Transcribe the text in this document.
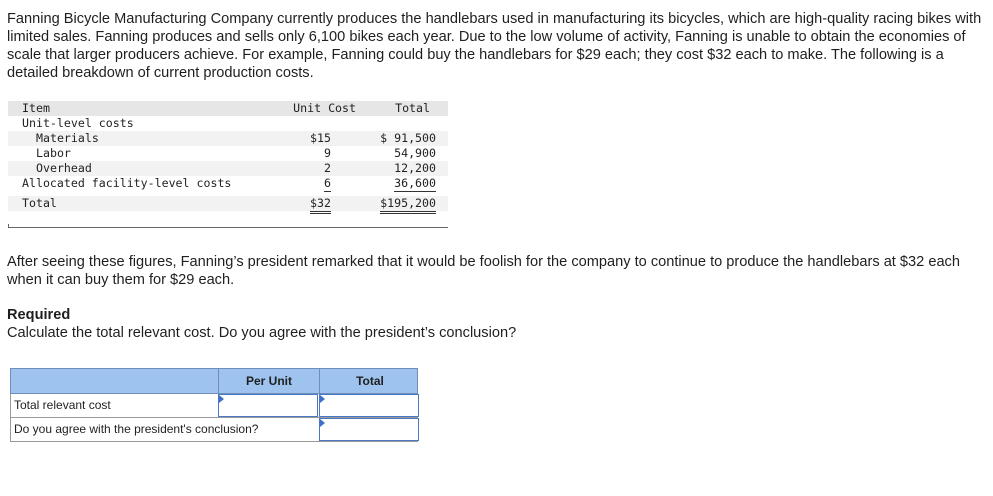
Fanning Bicycle Manufacturing Company currently produces the handlebars used in manufacturing its bicycles, which are high-quality racing bikes with limited sales. Fanning produces and sells only 6,100 bikes each year. Due to the low volume of activity, Fanning is unable to obtain the economies of scale that larger producers achieve. For example, Fanning could buy the handlebars for $29 each; they cost $32 each to make. The following is a detailed breakdown of current production costs.

Item	Unit Cost	Total
Unit-level costs
Materials	$15	$ 91,500
Labor	9	54,900
Overhead	2	12,200
Allocated facility-level costs	6	36,600
Total	$32	$195,200

After seeing these figures, Fanning’s president remarked that it would be foolish for the company to continue to produce the handlebars at $32 each when it can buy them for $29 each.

Required
Calculate the total relevant cost. Do you agree with the president’s conclusion?
Per Unit	Total
Total relevant cost
Do you agree with the president's conclusion?
